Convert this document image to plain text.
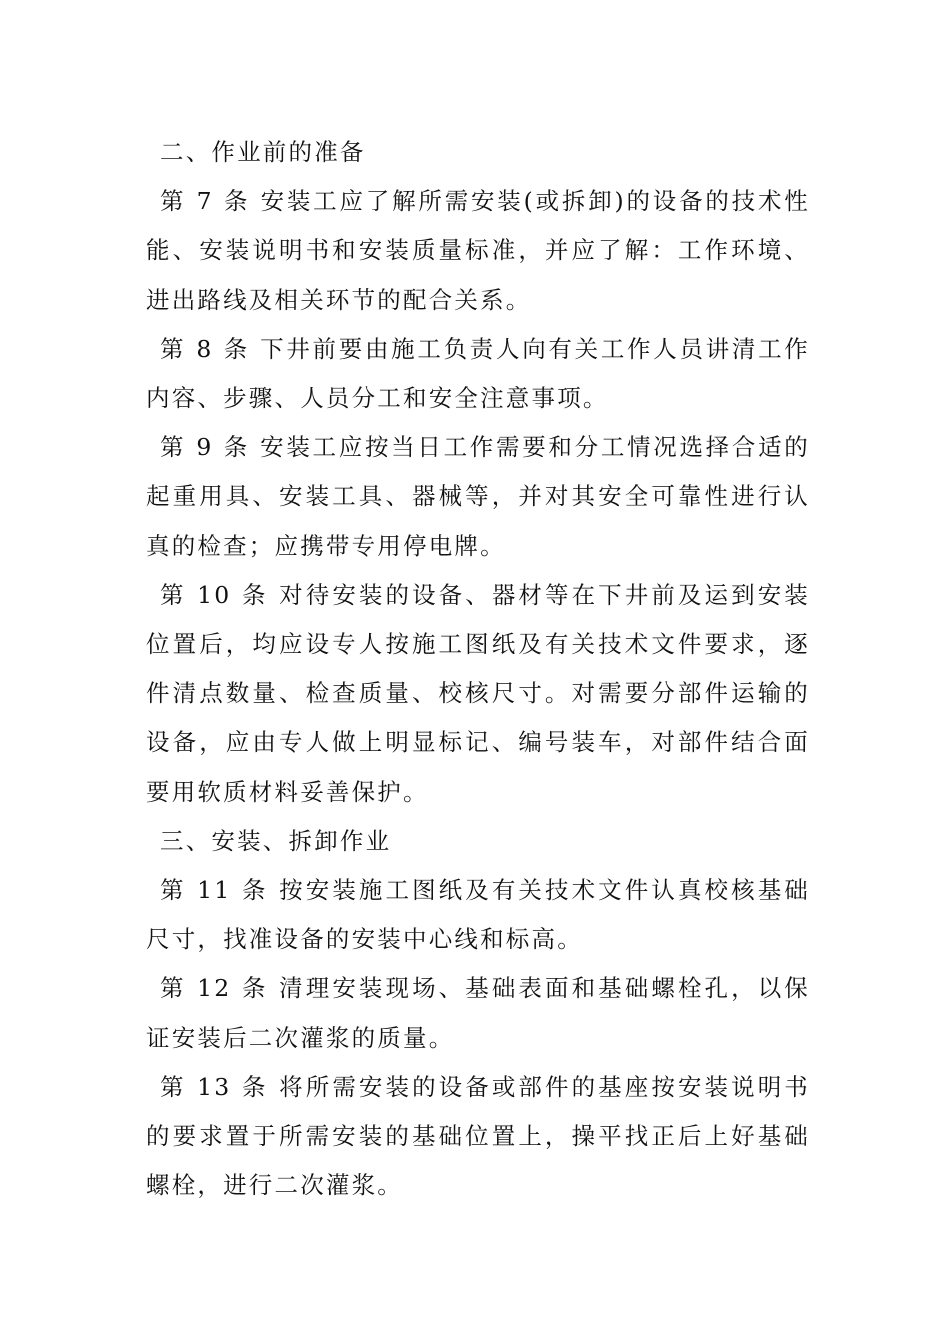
二、作业前的准备

第 7 条 安装工应了解所需安装(或拆卸)的设备的技术性能、安装说明书和安装质量标准，并应了解：工作环境、进出路线及相关环节的配合关系。

第 8 条 下井前要由施工负责人向有关工作人员讲清工作内容、步骤、人员分工和安全注意事项。

第 9 条 安装工应按当日工作需要和分工情况选择合适的起重用具、安装工具、器械等，并对其安全可靠性进行认真的检查；应携带专用停电牌。

第 10 条 对待安装的设备、器材等在下井前及运到安装位置后，均应设专人按施工图纸及有关技术文件要求，逐件清点数量、检查质量、校核尺寸。对需要分部件运输的设备，应由专人做上明显标记、编号装车，对部件结合面要用软质材料妥善保护。

三、安装、拆卸作业

第 11 条 按安装施工图纸及有关技术文件认真校核基础尺寸，找准设备的安装中心线和标高。

第 12 条 清理安装现场、基础表面和基础螺栓孔，以保证安装后二次灌浆的质量。

第 13 条 将所需安装的设备或部件的基座按安装说明书的要求置于所需安装的基础位置上，操平找正后上好基础螺栓，进行二次灌浆。
